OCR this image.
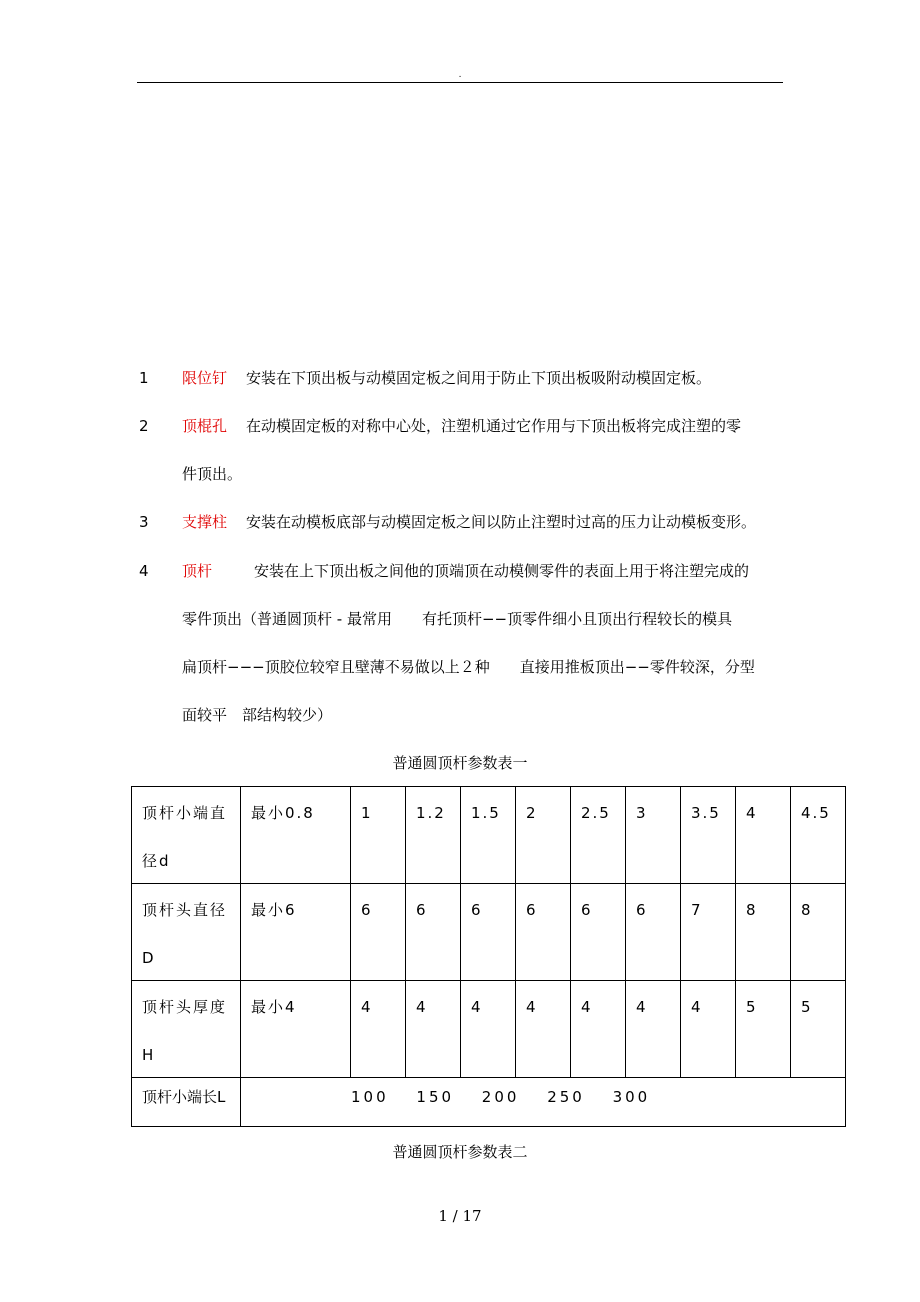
.
1 限位钉 安装在下顶出板与动模固定板之间用于防止下顶出板吸附动模固定板。
2 顶棍孔 在动模固定板的对称中心处，注塑机通过它作用与下顶出板将完成注塑的零
件顶出。
3 支撑柱 安装在动模板底部与动模固定板之间以防止注塑时过高的压力让动模板变形。
4 顶杆	安装在上下顶出板之间他的顶端顶在动模侧零件的表面上用于将注塑完成的
零件顶出（普通圆顶杆 - 最常用　　有托顶杆−−顶零件细小且顶出行程较长的模具
扁顶杆−−−顶胶位较窄且壁薄不易做以上２种　　直接用推板顶出−−零件较深，分型
面较平　部结构较少）
普通圆顶杆参数表一
顶杆小端直
径d	最小0.8	1	1.2	1.5	2	2.5	3	3.5	4	4.5

顶杆头直径
D	最小6	6	6	6	6	6	6	7	8	8

顶杆头厚度
H	最小4	4	4	4	4	4	4	4	5	5

顶杆小端长L	100 150 200 250 300									
普通圆顶杆参数表二
1 / 17
